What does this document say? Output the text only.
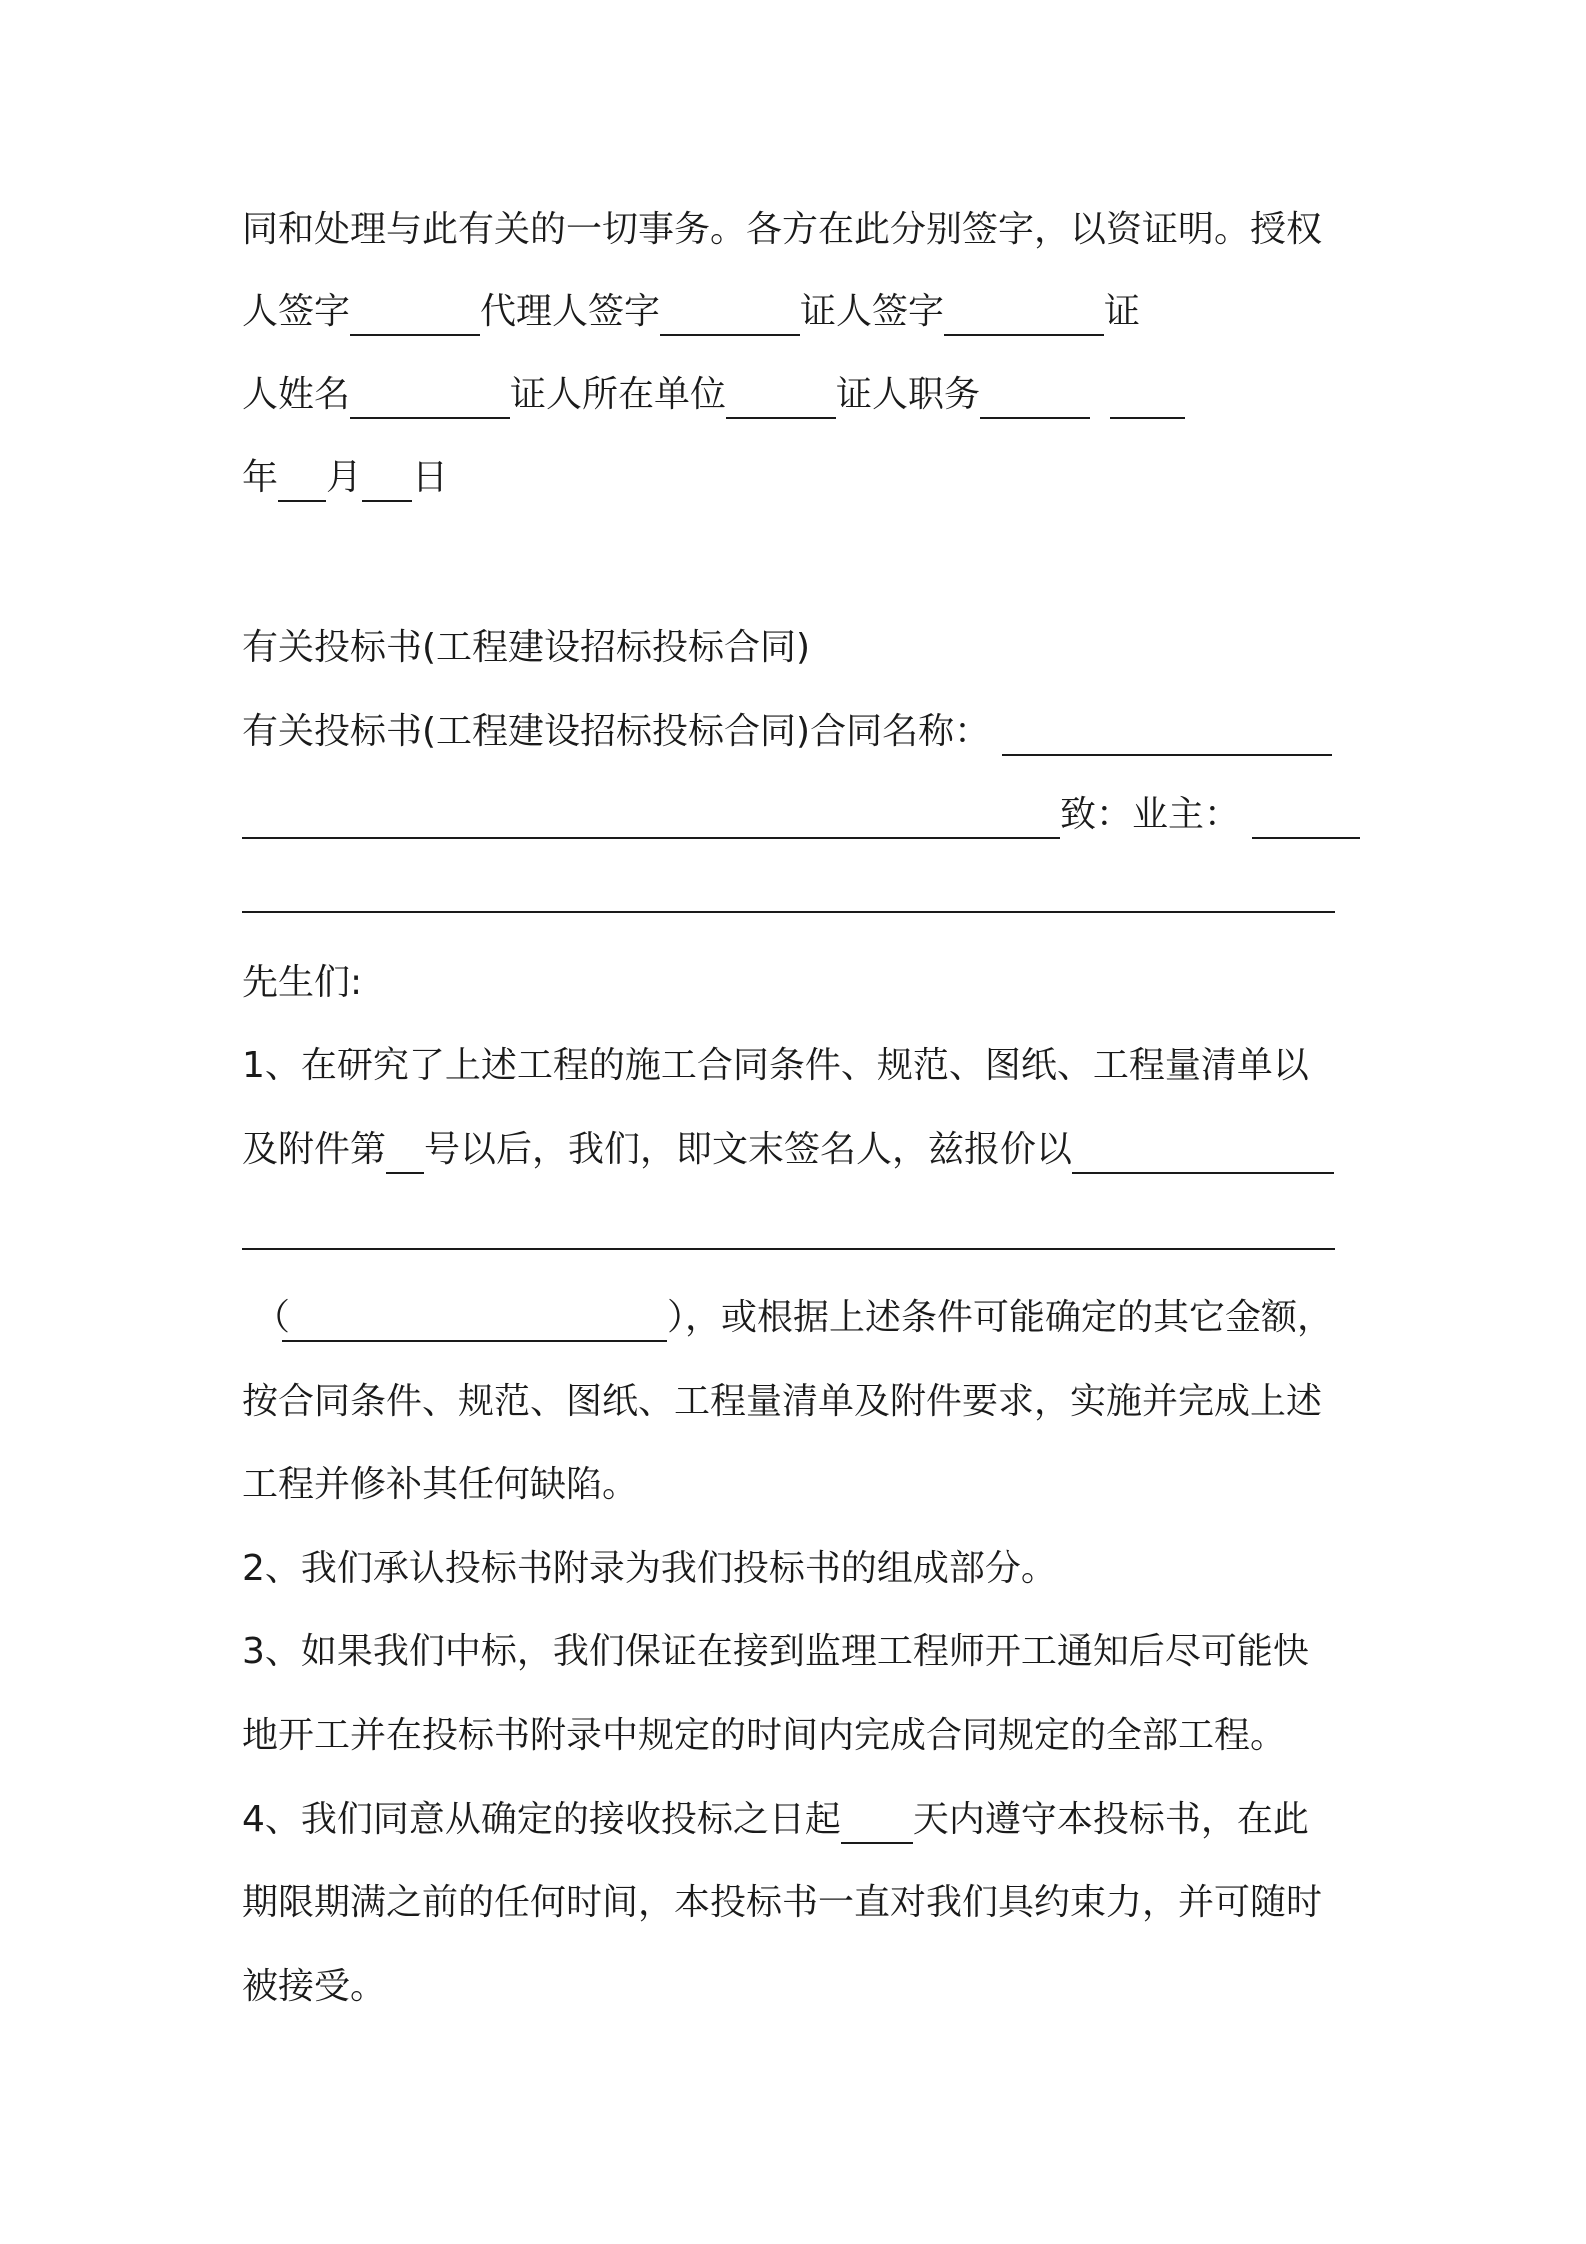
同和处理与此有关的一切事务。各方在此分别签字，以资证明。授权
人签字	代理人签字	证人签字	证
人姓名	证人所在单位	证人职务
年 月 日
有关投标书(工程建设招标投标合同)
有关投标书(工程建设招标投标合同)合同名称：
致：业主：
先生们:
1、在研究了上述工程的施工合同条件、规范、图纸、工程量清单以
及附件第 号以后，我们，即文末签名人，兹报价以
（	），或根据上述条件可能确定的其它金额，
按合同条件、规范、图纸、工程量清单及附件要求，实施并完成上述
工程并修补其任何缺陷。
2、我们承认投标书附录为我们投标书的组成部分。
3、如果我们中标，我们保证在接到监理工程师开工通知后尽可能快
地开工并在投标书附录中规定的时间内完成合同规定的全部工程。
4、我们同意从确定的接收投标之日起 天内遵守本投标书，在此
期限期满之前的任何时间，本投标书一直对我们具约束力，并可随时
被接受。
